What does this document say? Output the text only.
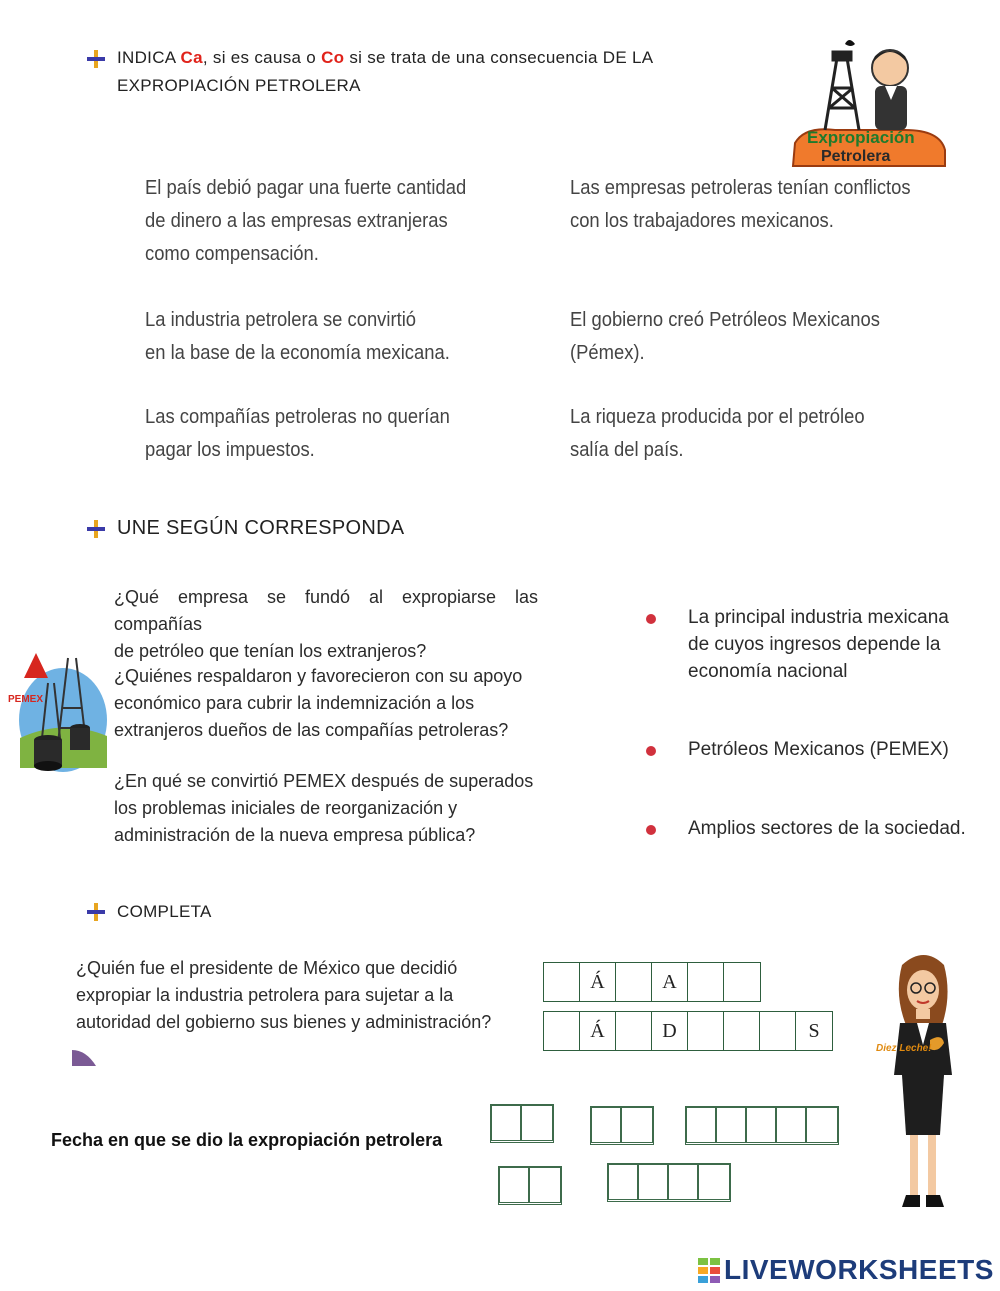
INDICA Ca, si es causa o Co si se trata de una consecuencia DE LA
EXPROPIACIÓN PETROLERA
Expropiación
Petrolera
El país debió pagar una fuerte cantidad
de dinero a las empresas extranjeras
como compensación.
La industria petrolera se convirtió
en la base de la economía mexicana.
Las compañías petroleras no querían
pagar los impuestos.
Las empresas petroleras tenían conflictos
con los trabajadores mexicanos.
El gobierno creó Petróleos Mexicanos
(Pémex).
La riqueza producida por el petróleo
salía del país.
UNE SEGÚN CORRESPONDA
PEMEX
¿Qué empresa se fundó al expropiarse las compañías
de petróleo que tenían los extranjeros?
¿Quiénes respaldaron y favorecieron con su apoyo
económico para cubrir la indemnización a los
extranjeros dueños de las compañías petroleras?
¿En qué se convirtió PEMEX después de superados
los problemas iniciales de reorganización y
administración de la nueva empresa pública?
La principal industria mexicana
de cuyos ingresos depende la
economía nacional
Petróleos Mexicanos (PEMEX)
Amplios sectores de la sociedad.
COMPLETA
¿Quién fue el presidente de México que decidió
expropiar la industria petrolera para sujetar a la
autoridad del gobierno sus bienes y administración?
Á	A
Á	D	S
Diez Leche!
Fecha en que se dio la expropiación petrolera
LIVEWORKSHEETS
